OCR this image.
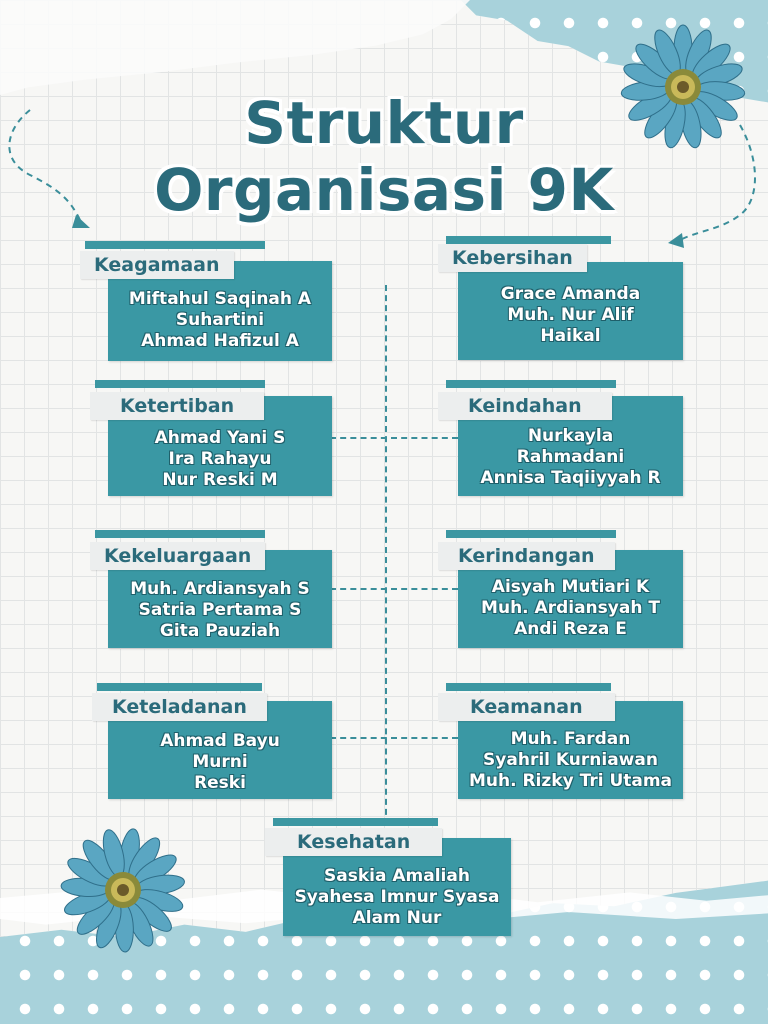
Struktur
Organisasi 9K
Keagamaan
Miftahul Saqinah A
Suhartini
Ahmad Hafizul A
Kebersihan
Grace Amanda
Muh. Nur Alif
Haikal
Ketertiban
Ahmad Yani S
Ira Rahayu
Nur Reski M
Keindahan
Nurkayla
Rahmadani
Annisa Taqiiyyah R
Kekeluargaan
Muh. Ardiansyah S
Satria Pertama S
Gita Pauziah
Kerindangan
Aisyah Mutiari K
Muh. Ardiansyah T
Andi Reza E
Keteladanan
Ahmad Bayu
Murni
Reski
Keamanan
Muh. Fardan
Syahril Kurniawan
Muh. Rizky Tri Utama
Kesehatan
Saskia Amaliah
Syahesa Imnur Syasa
Alam Nur
